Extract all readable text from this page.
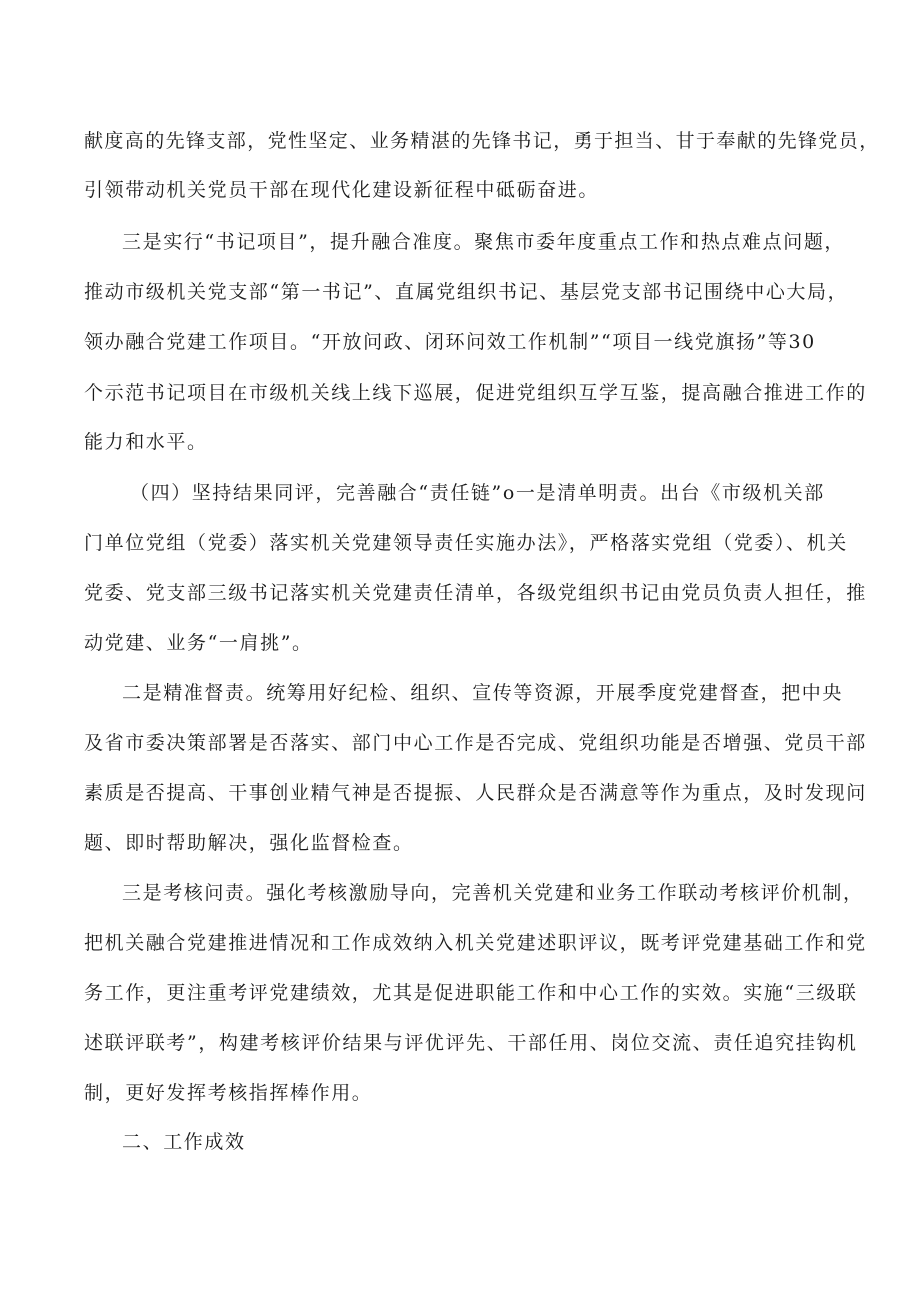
献度高的先锋支部，党性坚定、业务精湛的先锋书记，勇于担当、甘于奉献的先锋党员，
引领带动机关党员干部在现代化建设新征程中砥砺奋进。
三是实行“书记项目”，提升融合准度。聚焦市委年度重点工作和热点难点问题，
推动市级机关党支部“第一书记”、直属党组织书记、基层党支部书记围绕中心大局，
领办融合党建工作项目。“开放问政、闭环问效工作机制”“项目一线党旗扬”等30
个示范书记项目在市级机关线上线下巡展，促进党组织互学互鉴，提高融合推进工作的
能力和水平。
（四）坚持结果同评，完善融合“责任链”o一是清单明责。出台《市级机关部
门单位党组（党委）落实机关党建领导责任实施办法》，严格落实党组（党委）、机关
党委、党支部三级书记落实机关党建责任清单，各级党组织书记由党员负责人担任，推
动党建、业务“一肩挑”。
二是精准督责。统筹用好纪检、组织、宣传等资源，开展季度党建督查，把中央
及省市委决策部署是否落实、部门中心工作是否完成、党组织功能是否增强、党员干部
素质是否提高、干事创业精气神是否提振、人民群众是否满意等作为重点，及时发现问
题、即时帮助解决，强化监督检查。
三是考核问责。强化考核激励导向，完善机关党建和业务工作联动考核评价机制，
把机关融合党建推进情况和工作成效纳入机关党建述职评议，既考评党建基础工作和党
务工作，更注重考评党建绩效，尤其是促进职能工作和中心工作的实效。实施“三级联
述联评联考”，构建考核评价结果与评优评先、干部任用、岗位交流、责任追究挂钩机
制，更好发挥考核指挥棒作用。
二、工作成效
